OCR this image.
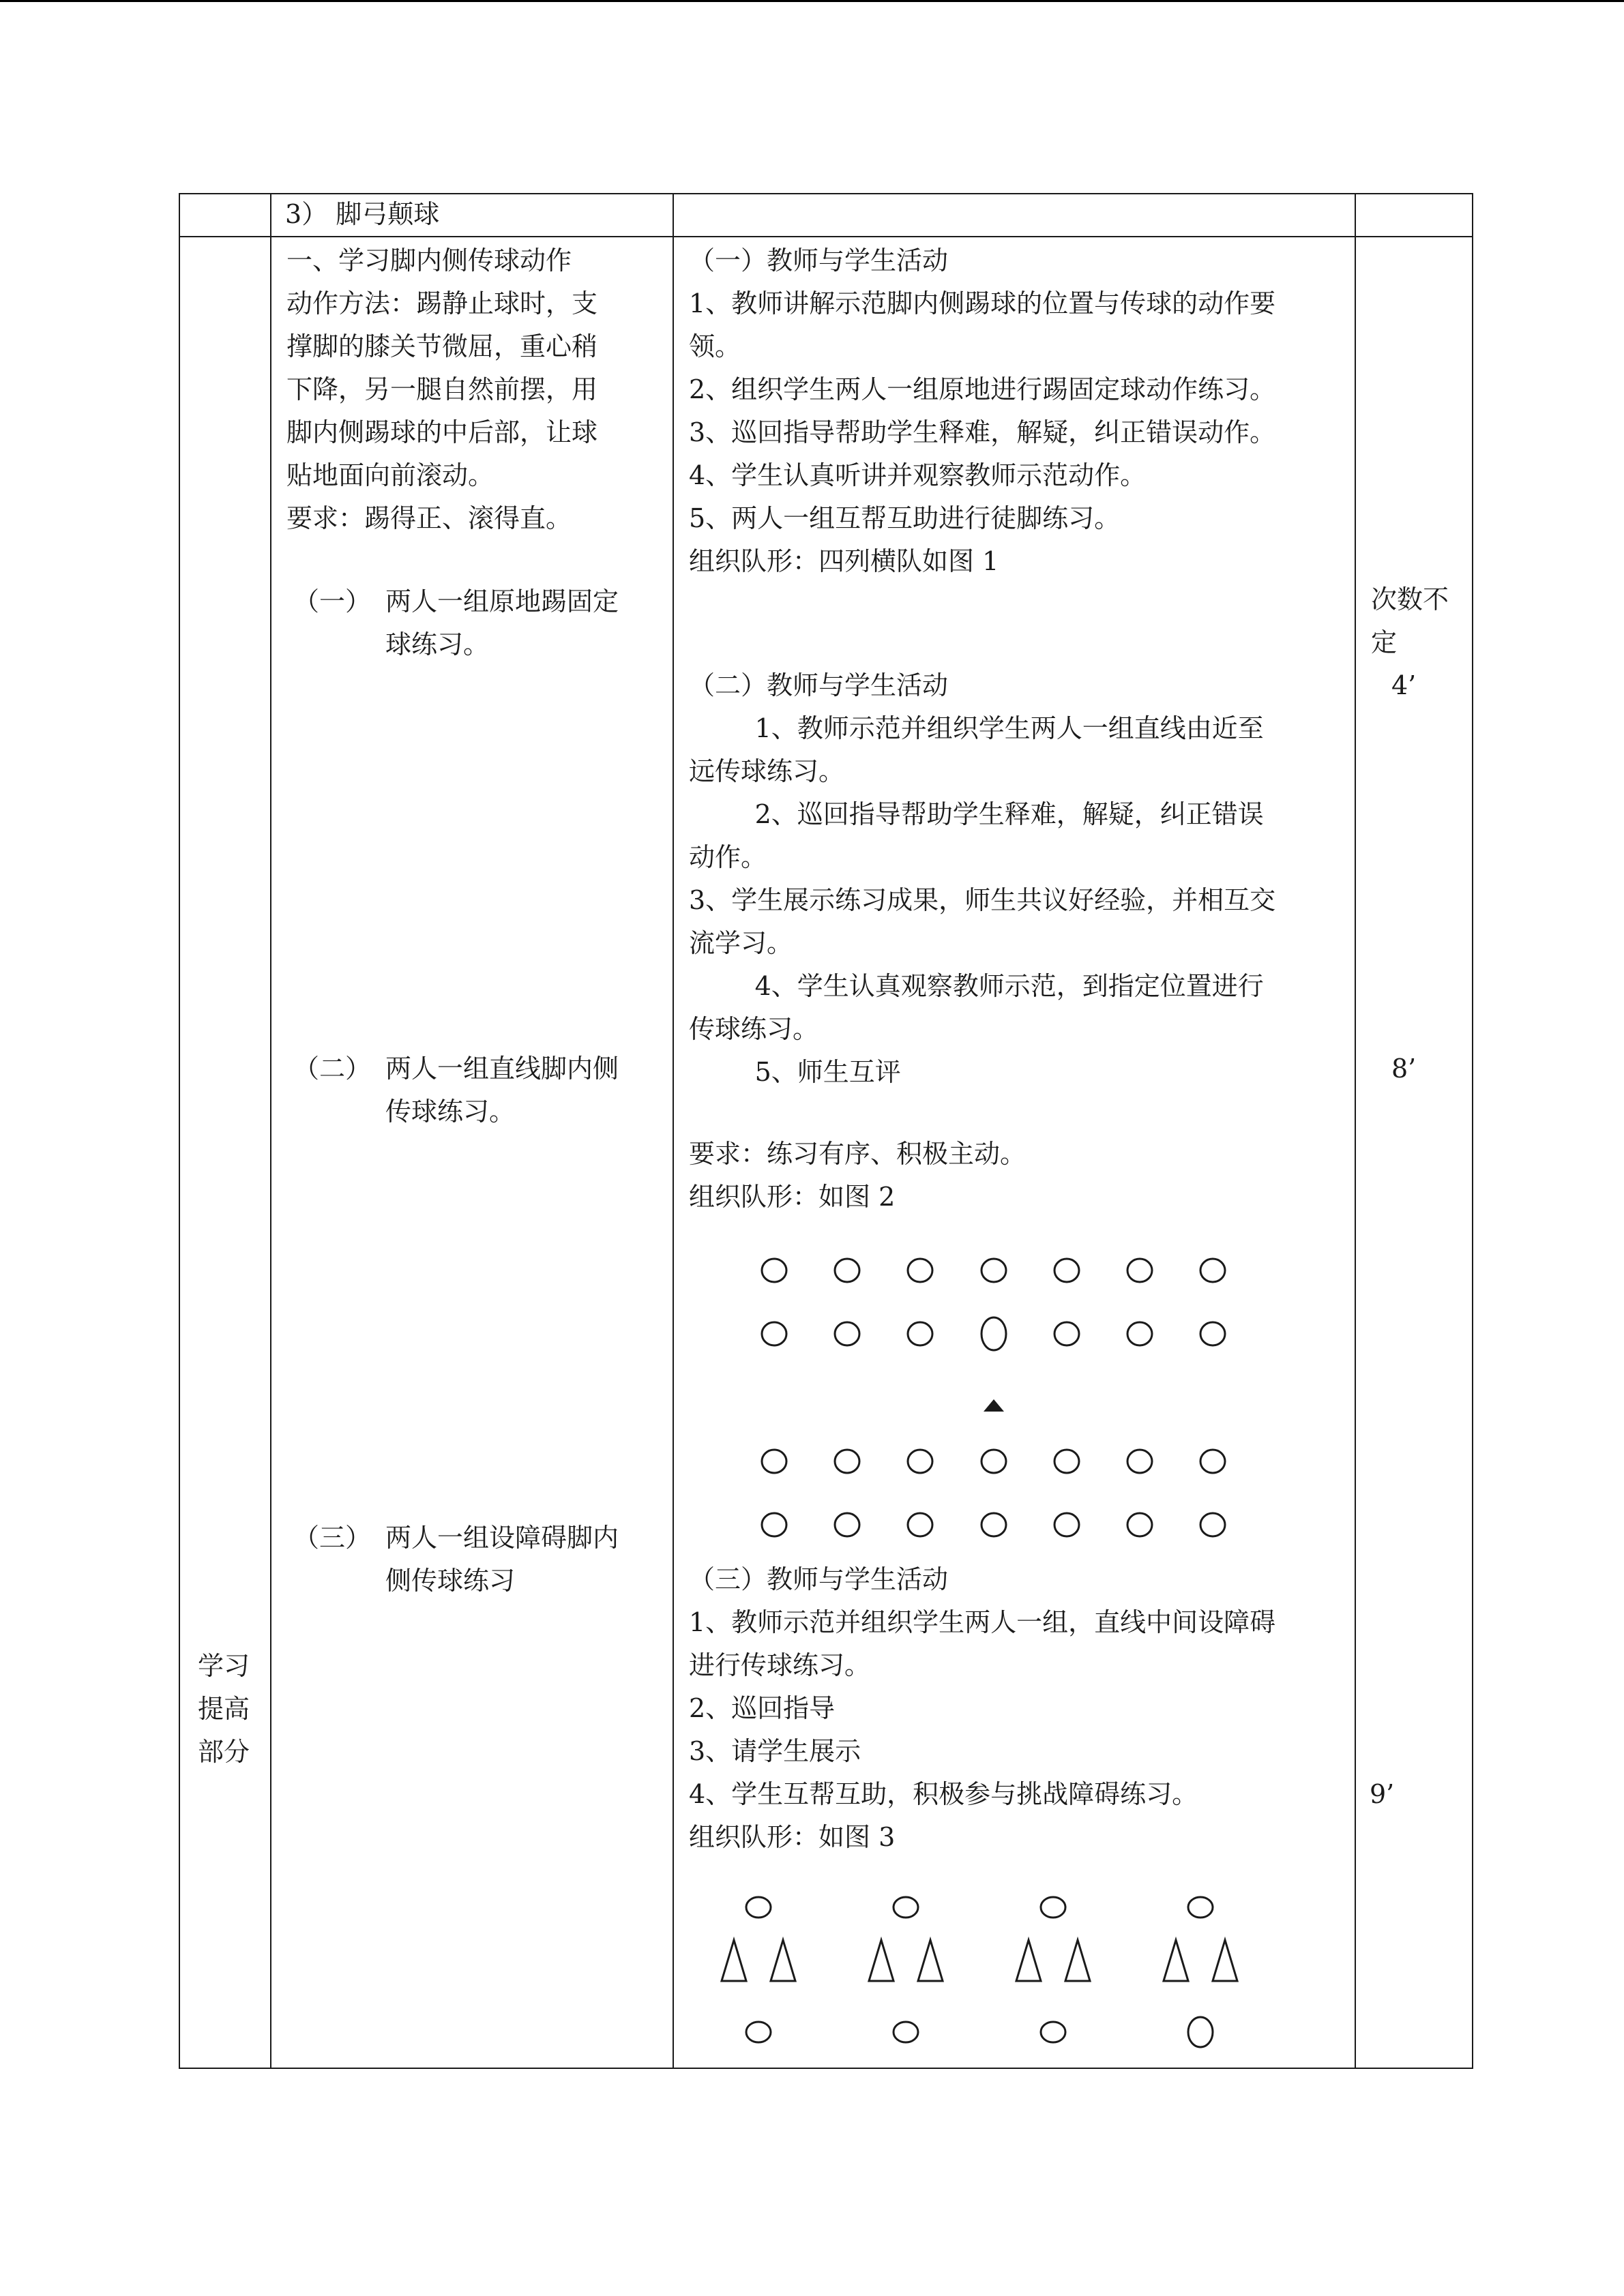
3） 脚弓颠球
学习
提高
部分
一、学习脚内侧传球动作
动作方法：踢静止球时，支
撑脚的膝关节微屈，重心稍
下降，另一腿自然前摆，用
脚内侧踢球的中后部，让球
贴地面向前滚动。
要求：踢得正、滚得直。
（一） 两人一组原地踢固定
球练习。
（二） 两人一组直线脚内侧
传球练习。
（三） 两人一组设障碍脚内
侧传球练习
（一）教师与学生活动
1、教师讲解示范脚内侧踢球的位置与传球的动作要
领。
2、组织学生两人一组原地进行踢固定球动作练习。
3、巡回指导帮助学生释难，解疑，纠正错误动作。
4、学生认真听讲并观察教师示范动作。
5、两人一组互帮互助进行徒脚练习。
组织队形：四列横队如图 1
（二）教师与学生活动
1、教师示范并组织学生两人一组直线由近至
远传球练习。
2、巡回指导帮助学生释难，解疑，纠正错误
动作。
3、学生展示练习成果，师生共议好经验，并相互交
流学习。
4、学生认真观察教师示范，到指定位置进行
传球练习。
5、师生互评
要求：练习有序、积极主动。
组织队形：如图 2
（三）教师与学生活动
1、教师示范并组织学生两人一组，直线中间设障碍
进行传球练习。
2、巡回指导
3、请学生展示
4、学生互帮互助，积极参与挑战障碍练习。
组织队形：如图 3
次数不
定
4’
8’
9’
